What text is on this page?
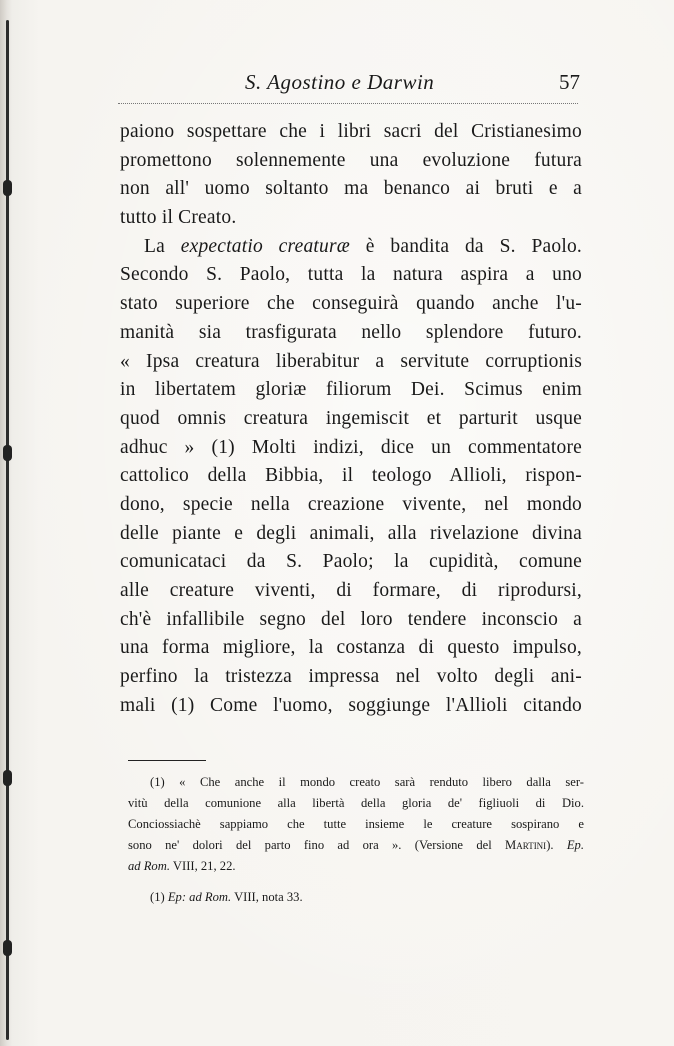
S. Agostino e Darwin	57
paiono sospettare che i libri sacri del Cristianesimo
promettono solennemente una evoluzione futura
non all' uomo soltanto ma benanco ai bruti e a
tutto il Creato.
La expectatio creaturæ è bandita da S. Paolo.
Secondo S. Paolo, tutta la natura aspira a uno
stato superiore che conseguirà quando anche l'u-
manità sia trasfigurata nello splendore futuro.
« Ipsa creatura liberabitur a servitute corruptionis
in libertatem gloriæ filiorum Dei. Scimus enim
quod omnis creatura ingemiscit et parturit usque
adhuc » (1) Molti indizi, dice un commentatore
cattolico della Bibbia, il teologo Allioli, rispon-
dono, specie nella creazione vivente, nel mondo
delle piante e degli animali, alla rivelazione divina
comunicataci da S. Paolo; la cupidità, comune
alle creature viventi, di formare, di riprodursi,
ch'è infallibile segno del loro tendere inconscio a
una forma migliore, la costanza di questo impulso,
perfino la tristezza impressa nel volto degli ani-
mali (1) Come l'uomo, soggiunge l'Allioli citando
(1) « Che anche il mondo creato sarà renduto libero dalla ser-
vitù della comunione alla libertà della gloria de' figliuoli di Dio.
Conciossiachè sappiamo che tutte insieme le creature sospirano e
sono ne' dolori del parto fino ad ora ». (Versione del Martini). Ep.
ad Rom. VIII, 21, 22.
(1) Ep: ad Rom. VIII, nota 33.
